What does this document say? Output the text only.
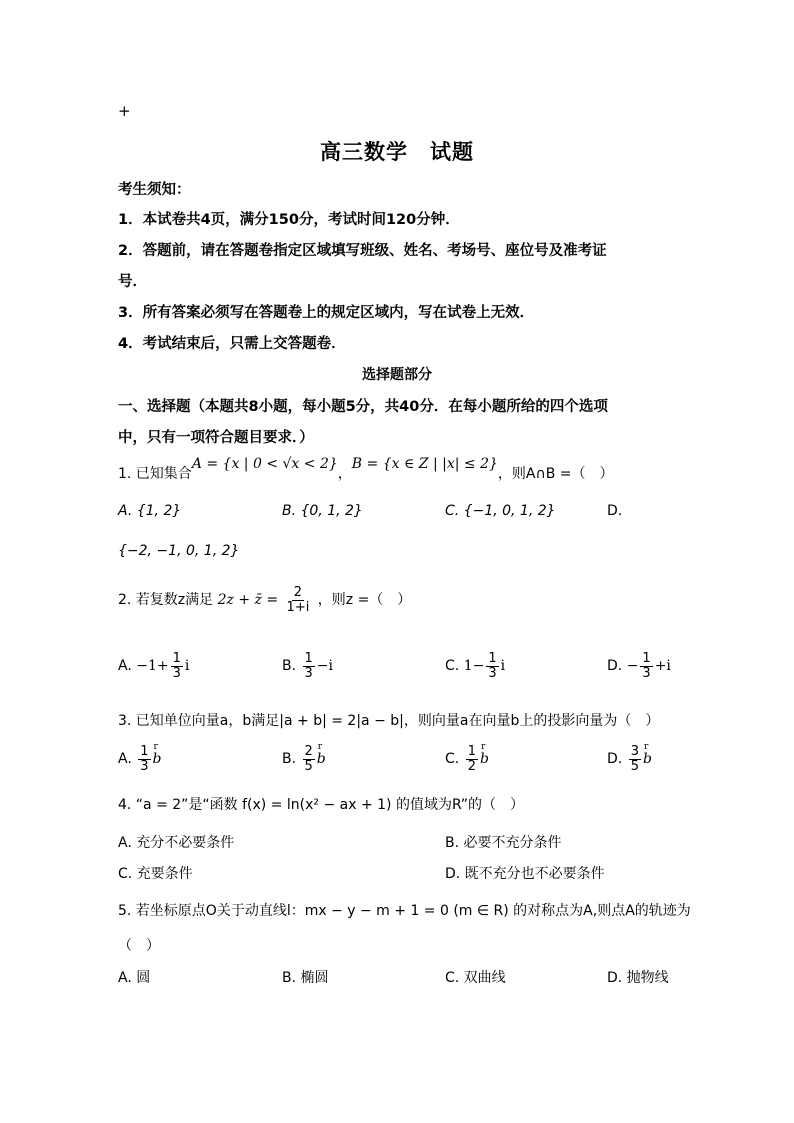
+
高三数学　试题
考生须知：
1．本试卷共4页，满分150分，考试时间120分钟．
2．答题前，请在答题卷指定区域填写班级、姓名、考场号、座位号及准考证
号．
3．所有答案必须写在答题卷上的规定区域内，写在试卷上无效．
4．考试结束后，只需上交答题卷．
选择题部分
一、选择题（本题共8小题，每小题5分，共40分．在每小题所给的四个选项
中，只有一项符合题目要求．）
1. 已知集合A = {x | 0 < √x < 2}，B = {x ∈ Z | |x| ≤ 2}，则A∩B =（　）
A. {1, 2}	B. {0, 1, 2}	C. {−1, 0, 1, 2}	D.
{−2, −1, 0, 1, 2}
2. 若复数z满足 2z + z̄ = $\frac{2}{1+i}$ ，则z =（　）
A. $-1+ \frac{1}{3}$ i	B. $\frac{1}{3} -i$	C. $1- \frac{1}{3}$ i	D. − $\frac{1}{3} +i$
3. 已知单位向量a，b满足|a + b| = 2|a − b|，则向量a在向量b上的投影向量为（　）
A. $\frac{1}{3}$ r b	B. $\frac{2}{5}$ r b	C. $\frac{1}{2}$ r b	D. $\frac{3}{5}$ r b
4. “a = 2”是“函数 f(x) = ln(x² − ax + 1) 的值域为R”的（　）
A. 充分不必要条件	B. 必要不充分条件
C. 充要条件	D. 既不充分也不必要条件
5. 若坐标原点O关于动直线l：mx − y − m + 1 = 0 (m ∈ R) 的对称点为A,则点A的轨迹为
（　）
A. 圆	B. 椭圆	C. 双曲线	D. 抛物线
